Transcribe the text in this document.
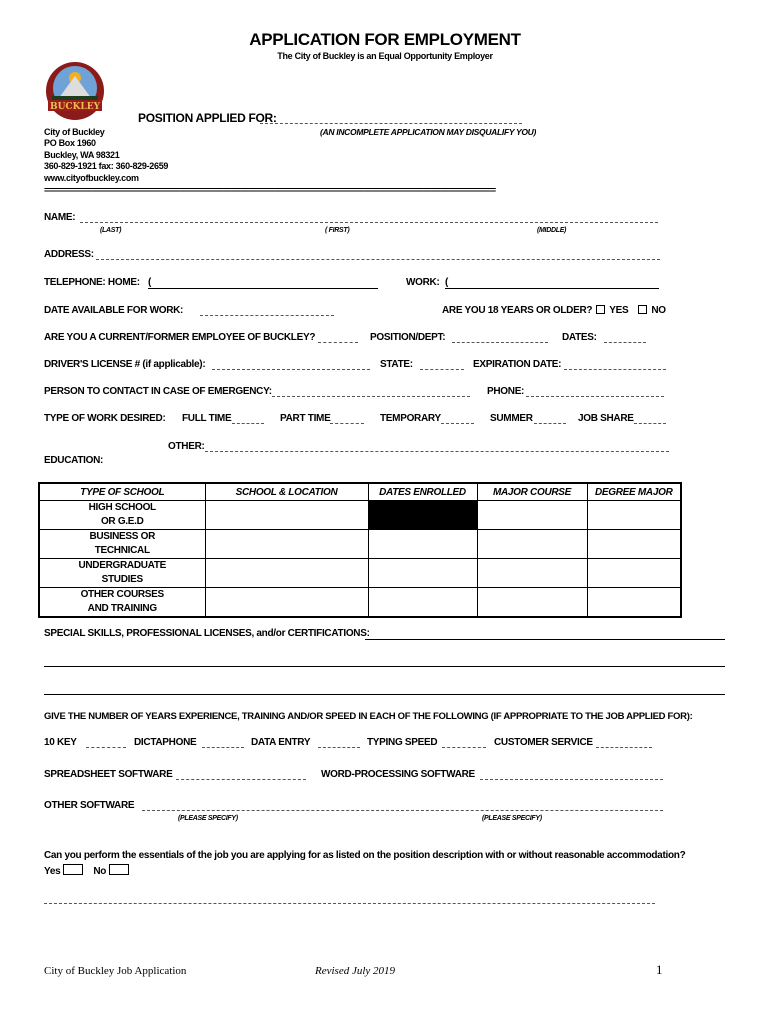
APPLICATION FOR EMPLOYMENT
The City of Buckley is an Equal Opportunity Employer
BUCKLEY
POSITION APPLIED FOR:
(AN INCOMPLETE APPLICATION MAY DISQUALIFY YOU)
City of Buckley
PO Box 1960
Buckley, WA 98321
360-829-1921 fax: 360-829-2659
www.cityofbuckley.com
==========================================================================================================
NAME:
(LAST)	( FIRST)	(MIDDLE)
ADDRESS:
TELEPHONE: HOME: (	WORK: (
DATE AVAILABLE FOR WORK:	ARE YOU 18 YEARS OR OLDER? YES NO
ARE YOU A CURRENT/FORMER EMPLOYEE OF BUCKLEY?	POSITION/DEPT:	DATES:
DRIVER'S LICENSE # (if applicable):	STATE:	EXPIRATION DATE:
PERSON TO CONTACT IN CASE OF EMERGENCY:	PHONE:
TYPE OF WORK DESIRED: FULL TIME	PART TIME	TEMPORARY	SUMMER	JOB SHARE
OTHER:
EDUCATION:
TYPE OF SCHOOL	SCHOOL & LOCATION	DATES ENROLLED	MAJOR COURSE	DEGREE MAJOR

HIGH SCHOOL
OR G.E.D				

BUSINESS OR
TECHNICAL				

UNDERGRADUATE
STUDIES				

OTHER COURSES
AND TRAINING				

SPECIAL SKILLS, PROFESSIONAL LICENSES, and/or CERTIFICATIONS:
GIVE THE NUMBER OF YEARS EXPERIENCE, TRAINING AND/OR SPEED IN EACH OF THE FOLLOWING (IF APPROPRIATE TO THE JOB APPLIED FOR):
10 KEY	DICTAPHONE	DATA ENTRY	TYPING SPEED	CUSTOMER SERVICE
SPREADSHEET SOFTWARE	WORD-PROCESSING SOFTWARE
OTHER SOFTWARE
(PLEASE SPECIFY)	(PLEASE SPECIFY)
Can you perform the essentials of the job you are applying for as listed on the position description with or without reasonable accommodation?
Yes	No
City of Buckley Job Application	Revised July 2019	1
